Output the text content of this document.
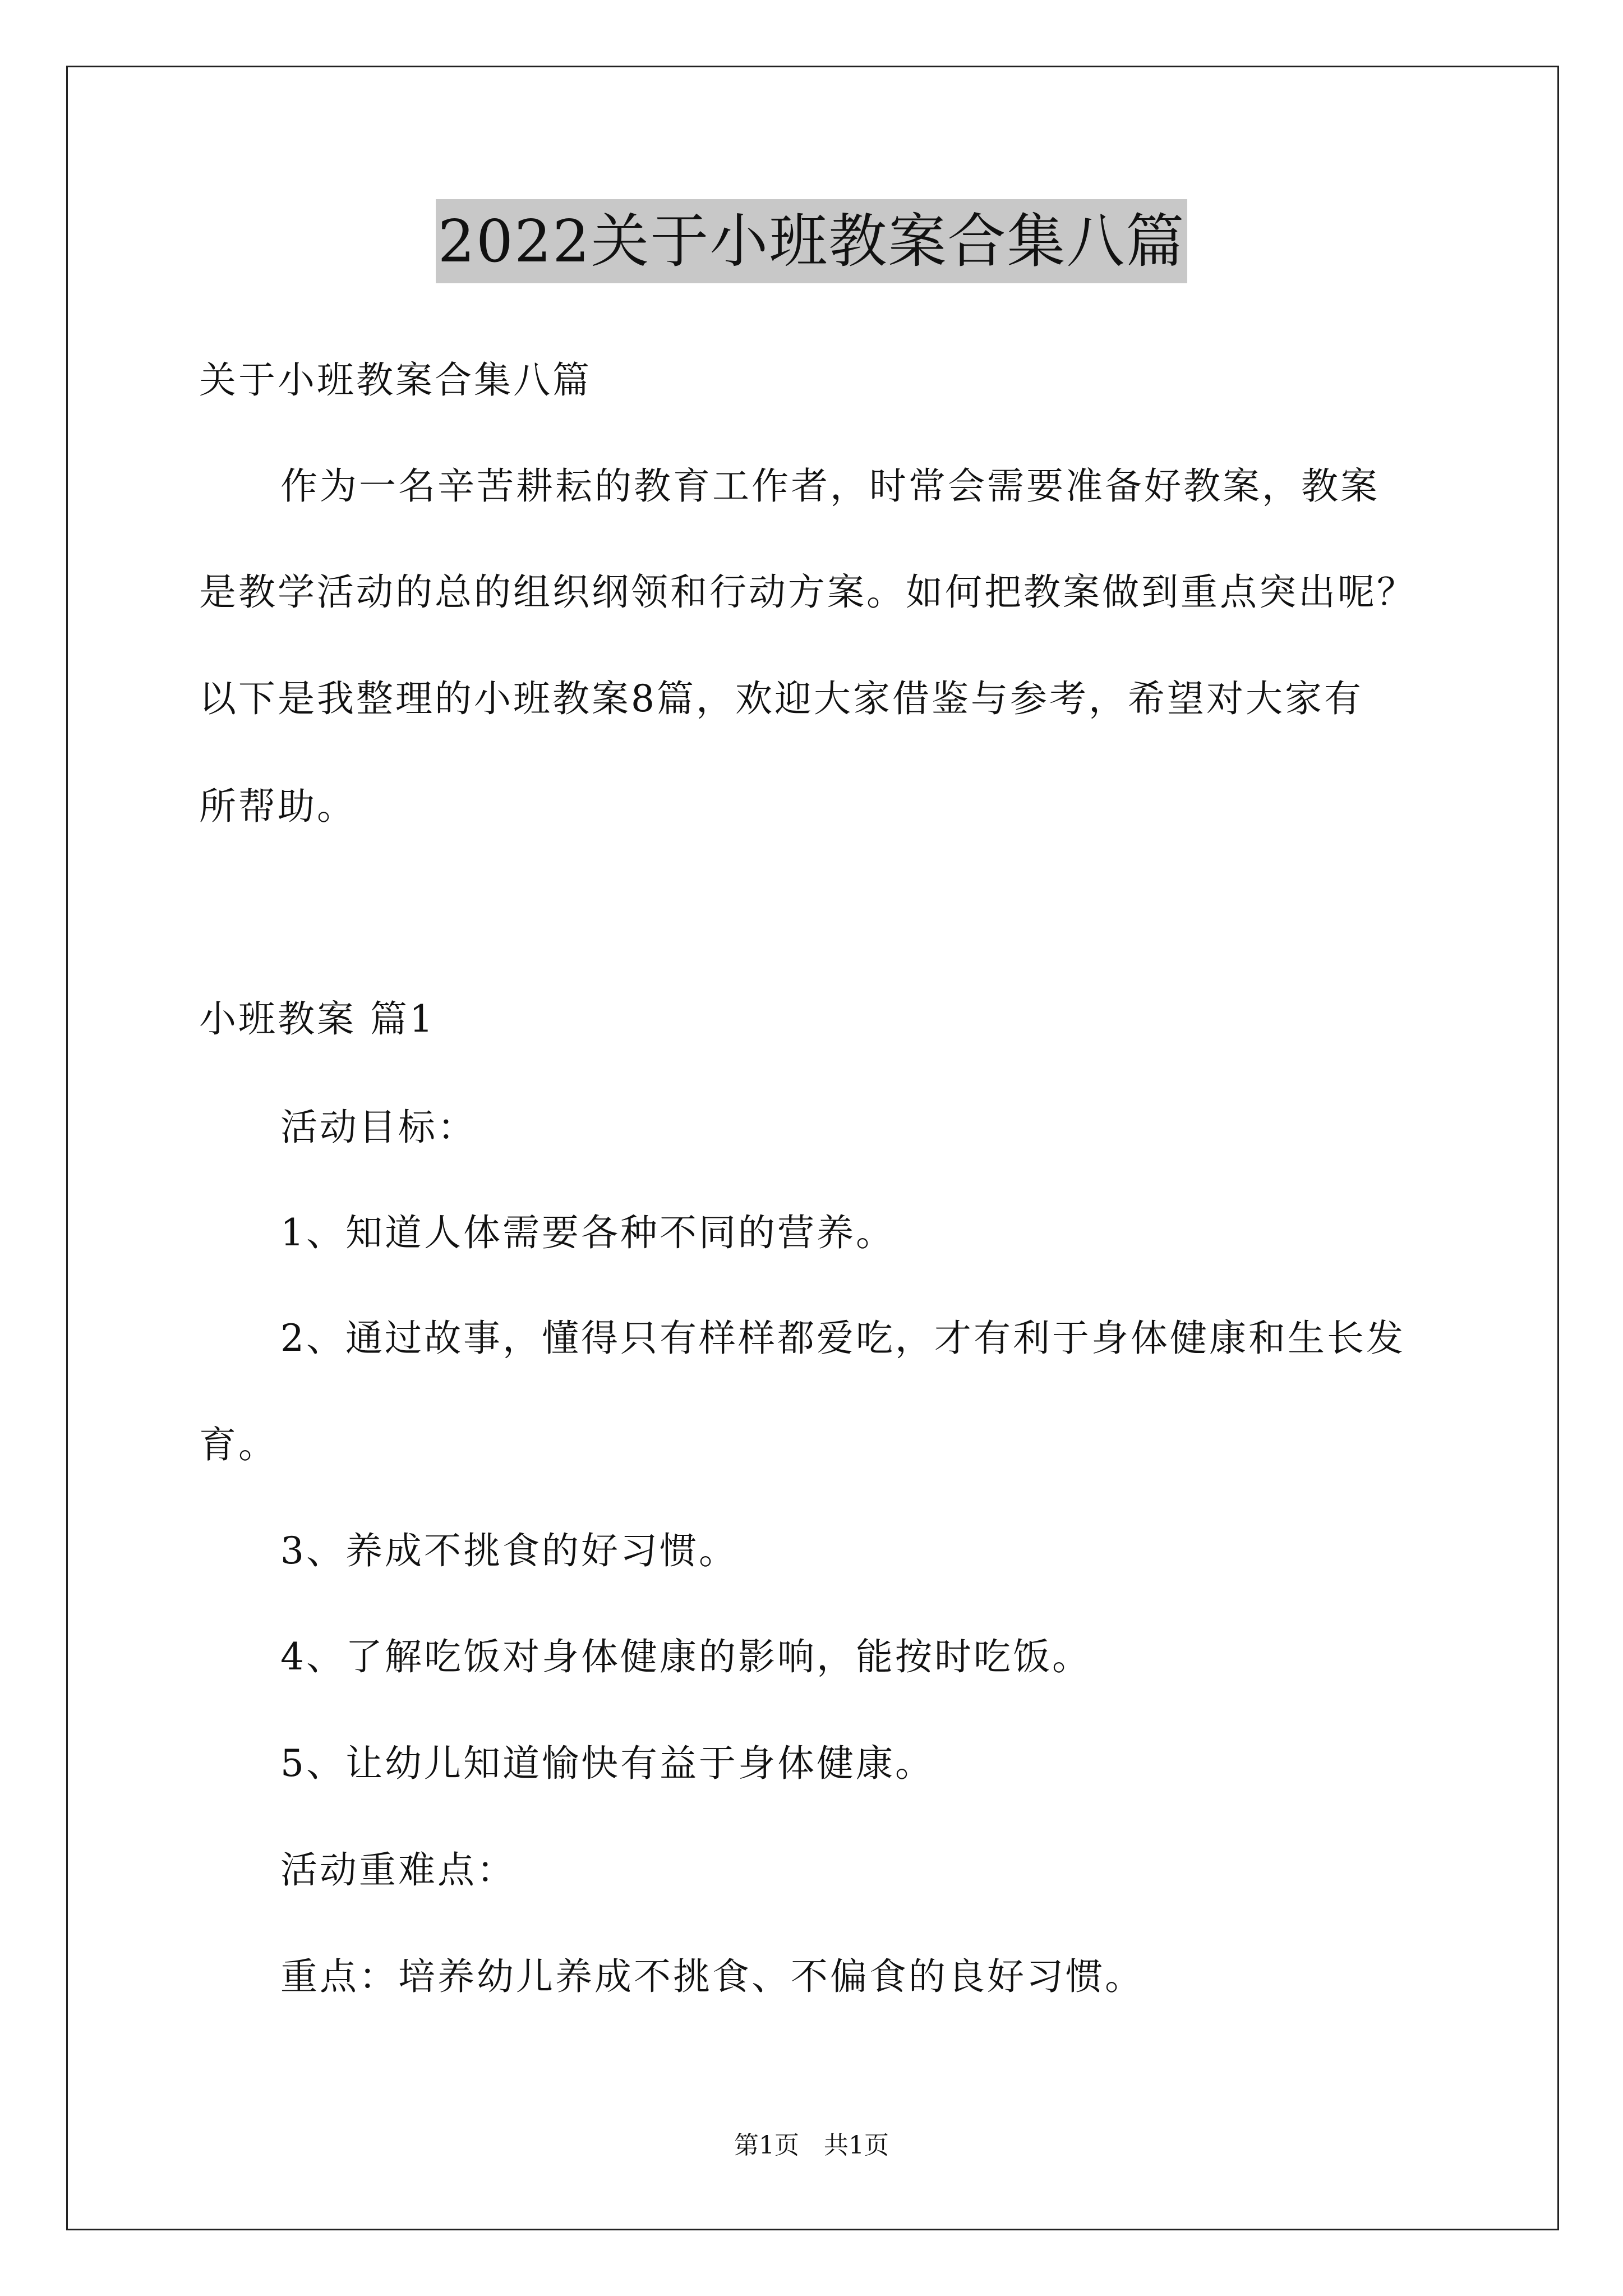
2022关于小班教案合集八篇
关于小班教案合集八篇
作为一名辛苦耕耘的教育工作者，时常会需要准备好教案，教案
是教学活动的总的组织纲领和行动方案。如何把教案做到重点突出呢？
以下是我整理的小班教案8篇，欢迎大家借鉴与参考，希望对大家有
所帮助。
小班教案 篇1
活动目标：
1、知道人体需要各种不同的营养。
2、通过故事，懂得只有样样都爱吃，才有利于身体健康和生长发
育。
3、养成不挑食的好习惯。
4、了解吃饭对身体健康的影响，能按时吃饭。
5、让幼儿知道愉快有益于身体健康。
活动重难点：
重点：培养幼儿养成不挑食、不偏食的良好习惯。
第1页　共1页
